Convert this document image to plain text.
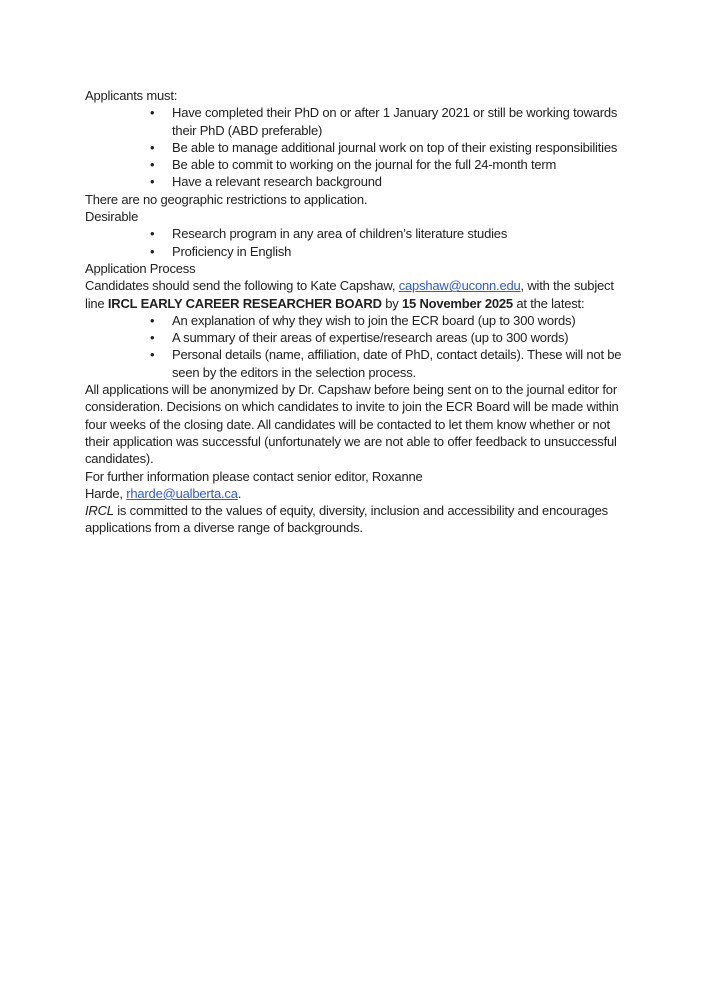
Applicants must:

• Have completed their PhD on or after 1 January 2021 or still be working towards their PhD (ABD preferable)
• Be able to manage additional journal work on top of their existing responsibilities
• Be able to commit to working on the journal for the full 24-month term
• Have a relevant research background

There are no geographic restrictions to application.

Desirable

• Research program in any area of children’s literature studies
• Proficiency in English

Application Process

Candidates should send the following to Kate Capshaw, capshaw@uconn.edu, with the subject line IRCL EARLY CAREER RESEARCHER BOARD by 15 November 2025 at the latest:

• An explanation of why they wish to join the ECR board (up to 300 words)
• A summary of their areas of expertise/research areas (up to 300 words)
• Personal details (name, affiliation, date of PhD, contact details). These will not be seen by the editors in the selection process.

All applications will be anonymized by Dr. Capshaw before being sent on to the journal editor for consideration. Decisions on which candidates to invite to join the ECR Board will be made within four weeks of the closing date. All candidates will be contacted to let them know whether or not their application was successful (unfortunately we are not able to offer feedback to unsuccessful candidates).

For further information please contact senior editor, Roxanne

Harde, rharde@ualberta.ca.

IRCL is committed to the values of equity, diversity, inclusion and accessibility and encourages applications from a diverse range of backgrounds.
